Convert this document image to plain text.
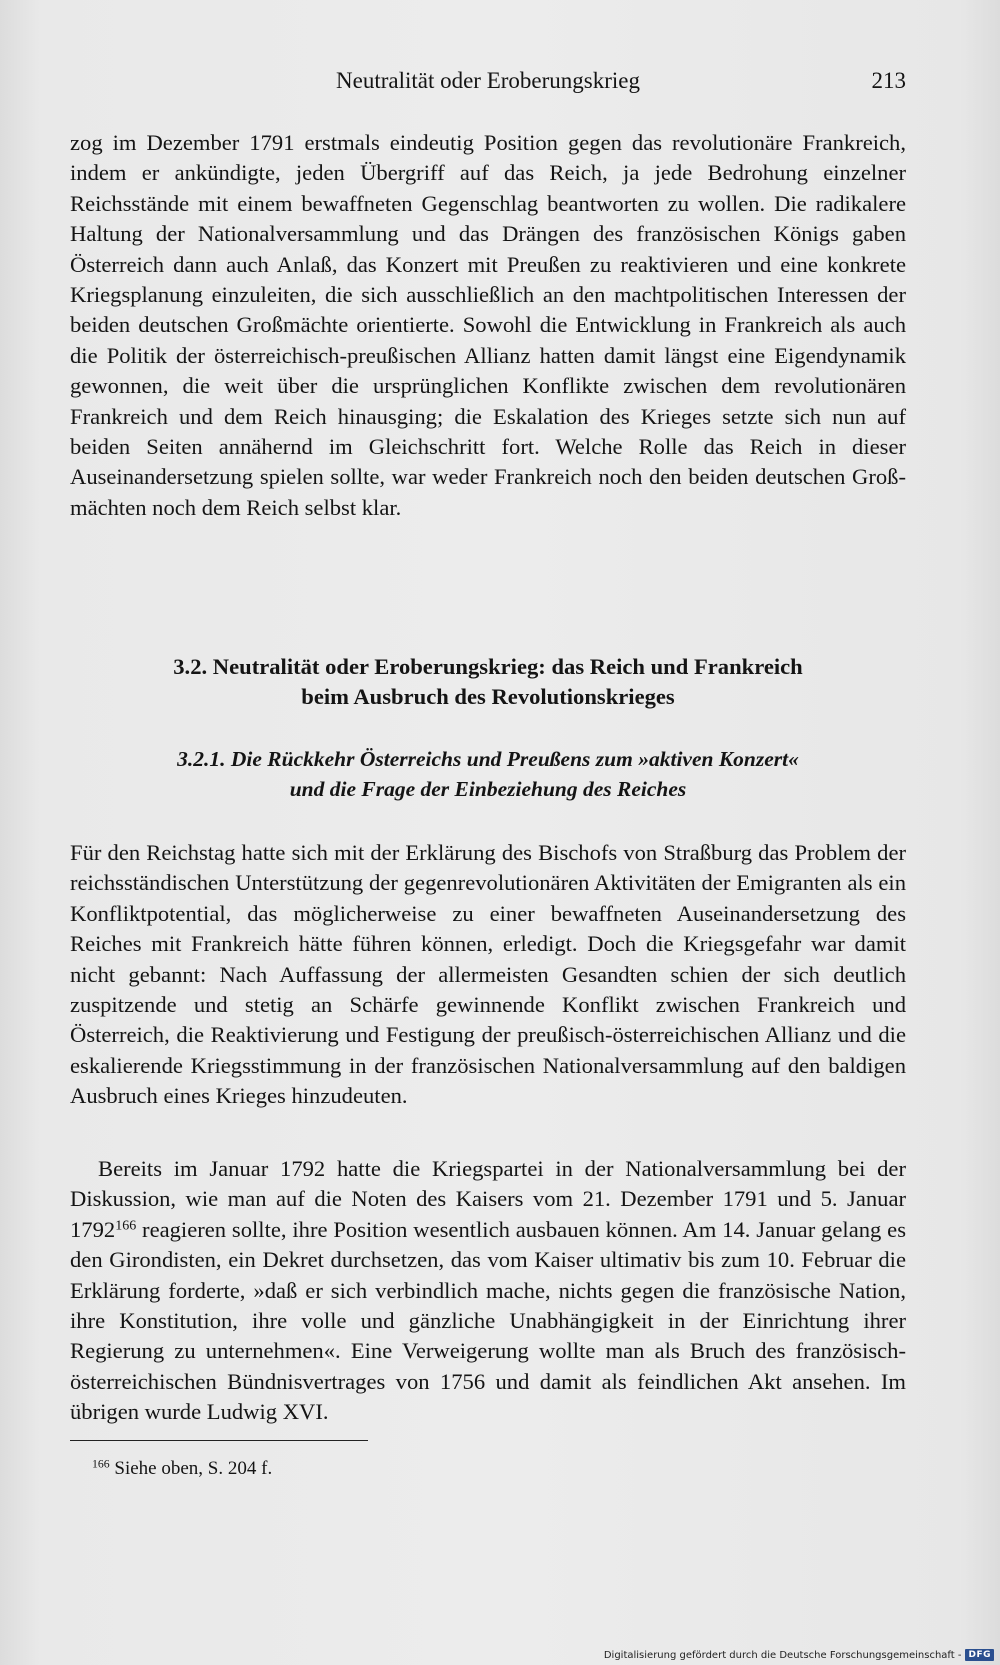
Neutralität oder Eroberungskrieg	213

zog im Dezember 1791 erstmals eindeutig Position gegen das revolutionäre Frankreich, indem er ankündigte, jeden Übergriff auf das Reich, ja jede Bedrohung einzelner Reichsstände mit einem bewaffneten Gegenschlag beantworten zu wollen. Die radikalere Haltung der Nationalversammlung und das Drängen des französischen Königs gaben Österreich dann auch Anlaß, das Konzert mit Preußen zu reaktivieren und eine konkrete Kriegsplanung einzuleiten, die sich ausschließlich an den machtpolitischen Interessen der beiden deutschen Großmächte orientierte. Sowohl die Entwicklung in Frankreich als auch die Politik der österreichisch-preußischen Allianz hatten damit längst eine Eigendynamik gewonnen, die weit über die ursprünglichen Konflikte zwischen dem revolutionären Frankreich und dem Reich hinausging; die Eskalation des Krieges setzte sich nun auf beiden Seiten annähernd im Gleichschritt fort. Welche Rolle das Reich in dieser Auseinandersetzung spielen sollte, war weder Frankreich noch den beiden deutschen Großmächten noch dem Reich selbst klar.

3.2. Neutralität oder Eroberungskrieg: das Reich und Frankreich
beim Ausbruch des Revolutionskrieges
3.2.1. Die Rückkehr Österreichs und Preußens zum »aktiven Konzert«
und die Frage der Einbeziehung des Reiches

Für den Reichstag hatte sich mit der Erklärung des Bischofs von Straßburg das Problem der reichsständischen Unterstützung der gegenrevolutionären Aktivitäten der Emigranten als ein Konfliktpotential, das möglicherweise zu einer bewaffneten Auseinandersetzung des Reiches mit Frankreich hätte führen können, erledigt. Doch die Kriegsgefahr war damit nicht gebannt: Nach Auffassung der allermeisten Gesandten schien der sich deutlich zuspitzende und stetig an Schärfe gewinnende Konflikt zwischen Frankreich und Österreich, die Reaktivierung und Festigung der preußisch-österreichischen Allianz und die eskalierende Kriegsstimmung in der französischen Nationalversammlung auf den baldigen Ausbruch eines Krieges hinzudeuten.

Bereits im Januar 1792 hatte die Kriegspartei in der Nationalversammlung bei der Diskussion, wie man auf die Noten des Kaisers vom 21. Dezember 1791 und 5. Januar 1792$^{166}$ reagieren sollte, ihre Position wesentlich ausbauen können. Am 14. Januar gelang es den Girondisten, ein Dekret durchsetzen, das vom Kaiser ultimativ bis zum 10. Februar die Erklärung forderte, »daß er sich verbindlich mache, nichts gegen die französische Nation, ihre Konstitution, ihre volle und gänzliche Unabhängigkeit in der Einrichtung ihrer Regierung zu unternehmen«. Eine Verweigerung wollte man als Bruch des französisch-österreichischen Bündnisvertrages von 1756 und damit als feindlichen Akt ansehen. Im übrigen wurde Ludwig XVI.

$^{166}$ Siehe oben, S. 204 f.
Digitalisierung gefördert durch die Deutsche Forschungsgemeinschaft - DFG
